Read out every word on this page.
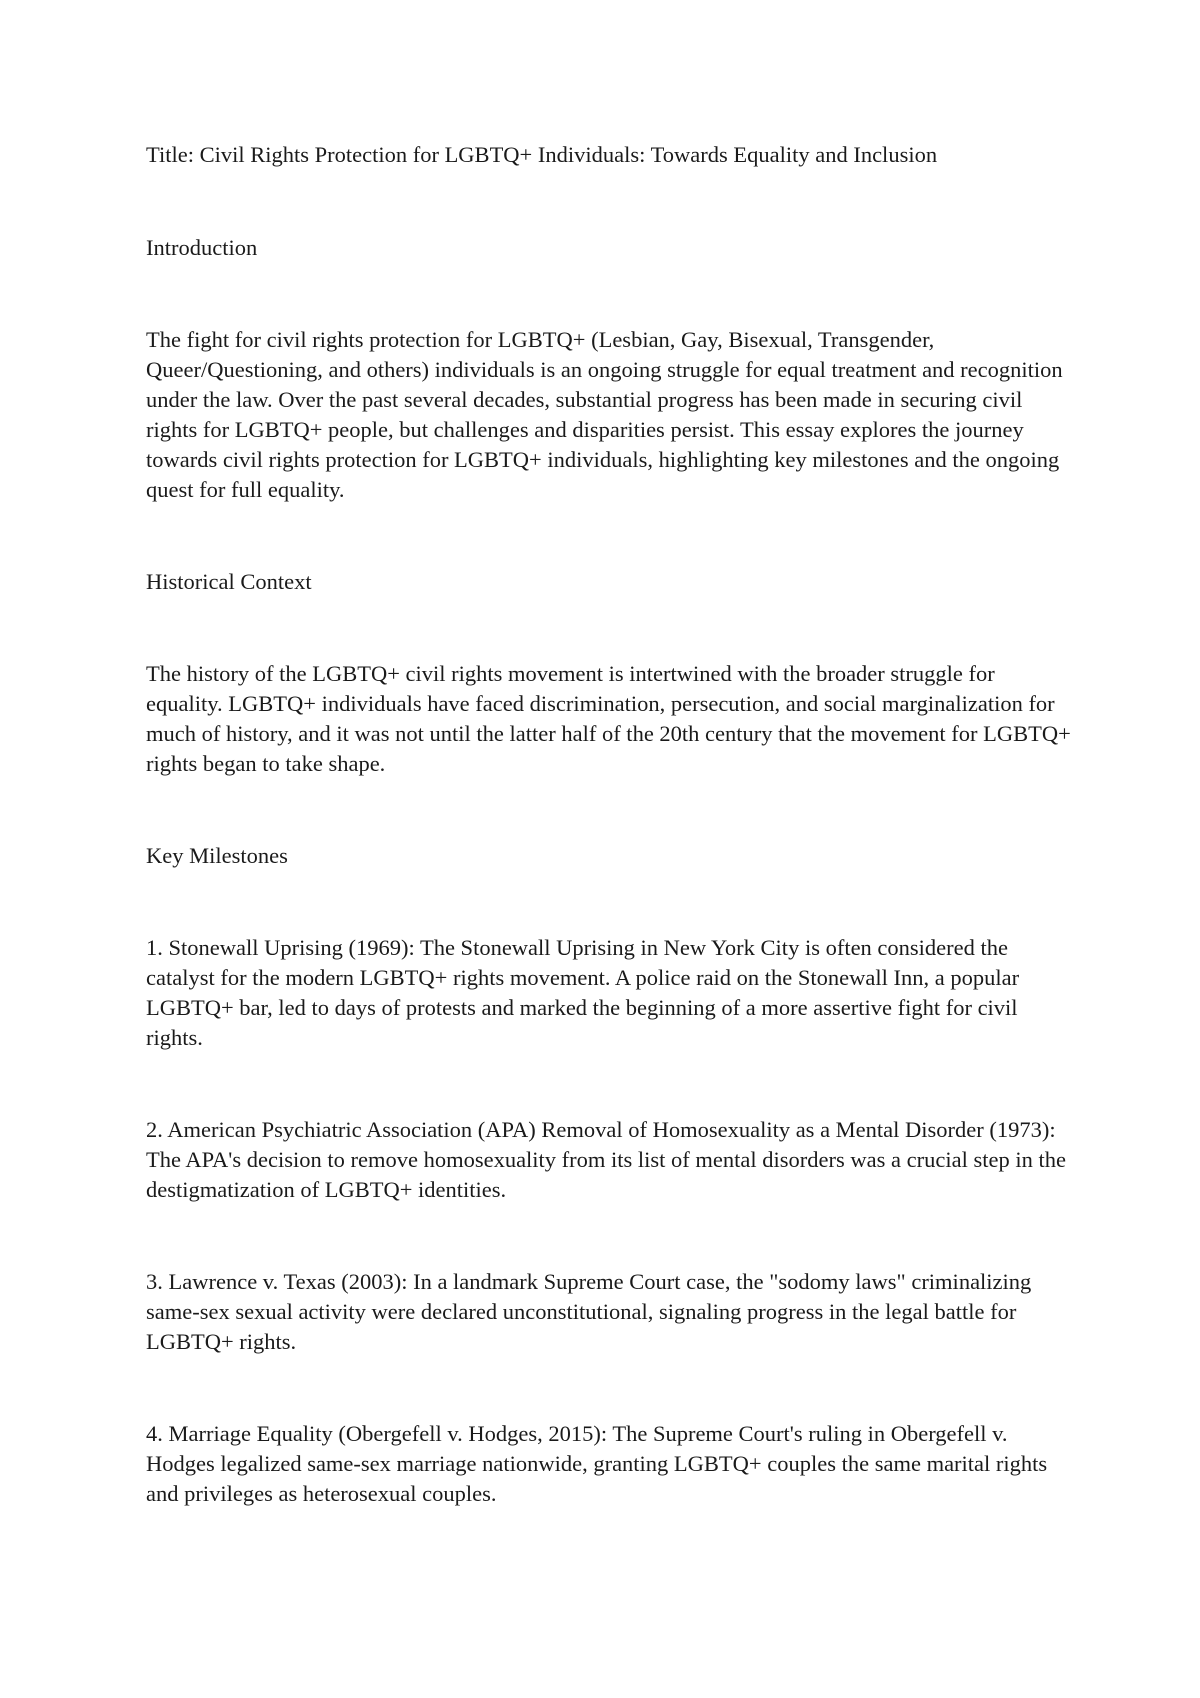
Title: Civil Rights Protection for LGBTQ+ Individuals: Towards Equality and Inclusion

Introduction

The fight for civil rights protection for LGBTQ+ (Lesbian, Gay, Bisexual, Transgender, Queer/Questioning, and others) individuals is an ongoing struggle for equal treatment and recognition under the law. Over the past several decades, substantial progress has been made in securing civil rights for LGBTQ+ people, but challenges and disparities persist. This essay explores the journey towards civil rights protection for LGBTQ+ individuals, highlighting key milestones and the ongoing quest for full equality.

Historical Context

The history of the LGBTQ+ civil rights movement is intertwined with the broader struggle for equality. LGBTQ+ individuals have faced discrimination, persecution, and social marginalization for much of history, and it was not until the latter half of the 20th century that the movement for LGBTQ+ rights began to take shape.

Key Milestones

1. Stonewall Uprising (1969): The Stonewall Uprising in New York City is often considered the catalyst for the modern LGBTQ+ rights movement. A police raid on the Stonewall Inn, a popular LGBTQ+ bar, led to days of protests and marked the beginning of a more assertive fight for civil rights.

2. American Psychiatric Association (APA) Removal of Homosexuality as a Mental Disorder (1973): The APA's decision to remove homosexuality from its list of mental disorders was a crucial step in the destigmatization of LGBTQ+ identities.

3. Lawrence v. Texas (2003): In a landmark Supreme Court case, the "sodomy laws" criminalizing same-sex sexual activity were declared unconstitutional, signaling progress in the legal battle for LGBTQ+ rights.

4. Marriage Equality (Obergefell v. Hodges, 2015): The Supreme Court's ruling in Obergefell v. Hodges legalized same-sex marriage nationwide, granting LGBTQ+ couples the same marital rights and privileges as heterosexual couples.
